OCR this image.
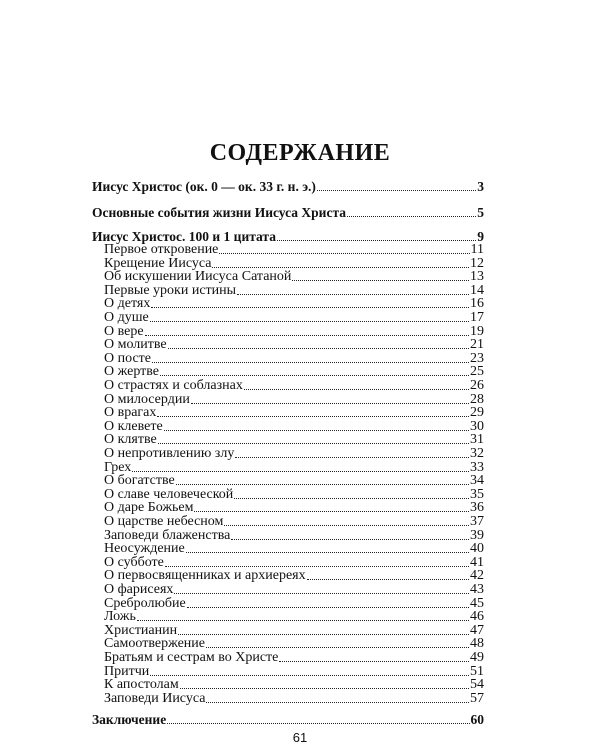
СОДЕРЖАНИЕ
Иисус Христос (ок. 0 — ок. 33 г. н. э.)	3
Основные события жизни Иисуса Христа	5
Иисус Христос. 100 и 1 цитата	9
Первое откровение	11
Крещение Иисуса	12
Об искушении Иисуса Сатаной	13
Первые уроки истины	14
О детях	16
О душе	17
О вере	19
О молитве	21
О посте	23
О жертве	25
О страстях и соблазнах	26
О милосердии	28
О врагах	29
О клевете	30
О клятве	31
О непротивлению злу	32
Грех	33
О богатстве	34
О славе человеческой	35
О даре Божьем	36
О царстве небесном	37
Заповеди блаженства	39
Неосуждение	40
О субботе	41
О первосвященниках и архиереях	42
О фарисеях	43
Сребролюбие	45
Ложь	46
Христианин	47
Самоотвержение	48
Братьям и сестрам во Христе	49
Притчи	51
К апостолам	54
Заповеди Иисуса	57
Заключение	60
61
